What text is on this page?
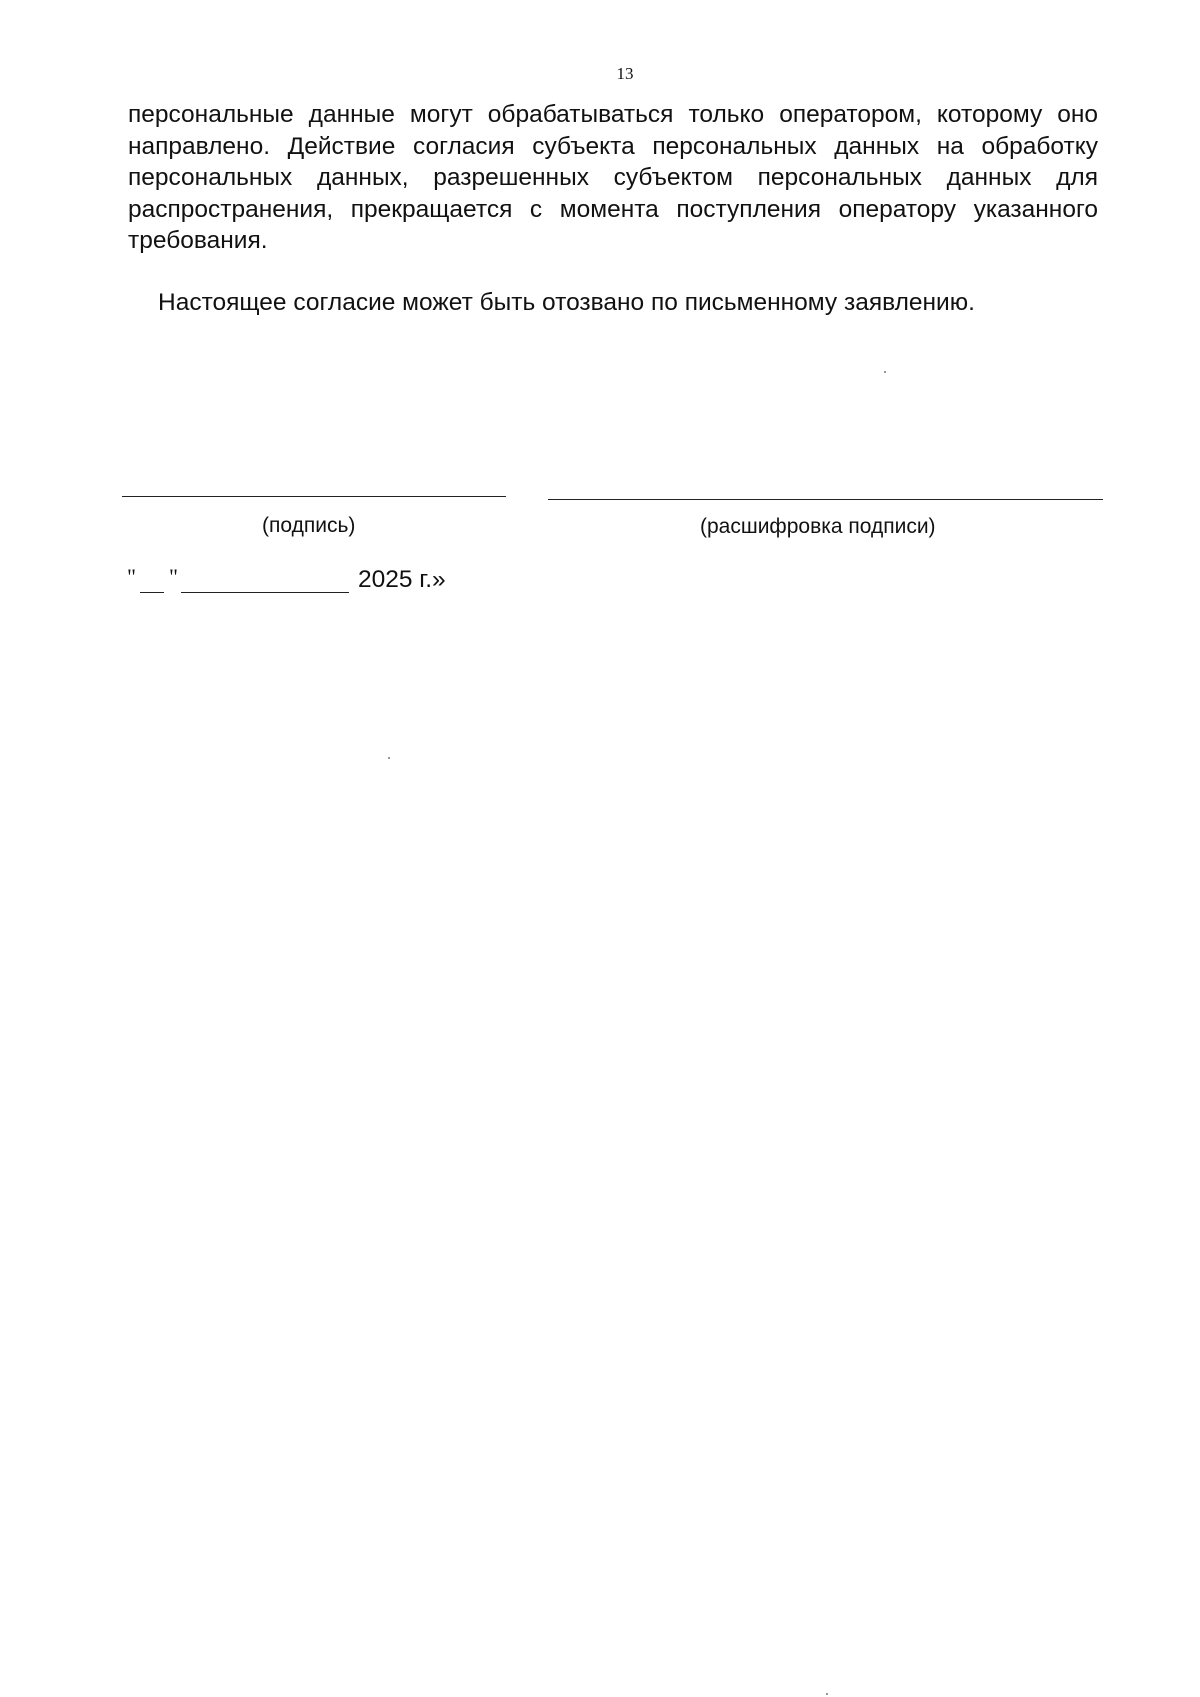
13

персональные данные могут обрабатываться только оператором, которому оно направлено. Действие согласия субъекта персональных данных на обработку персональных данных, разрешенных субъектом персональных данных для распространения, прекращается с момента поступления оператору указанного требования.

Настоящее согласие может быть отозвано по письменному заявлению.

(подпись)	(расшифровка подписи)
" "	2025 г.»
